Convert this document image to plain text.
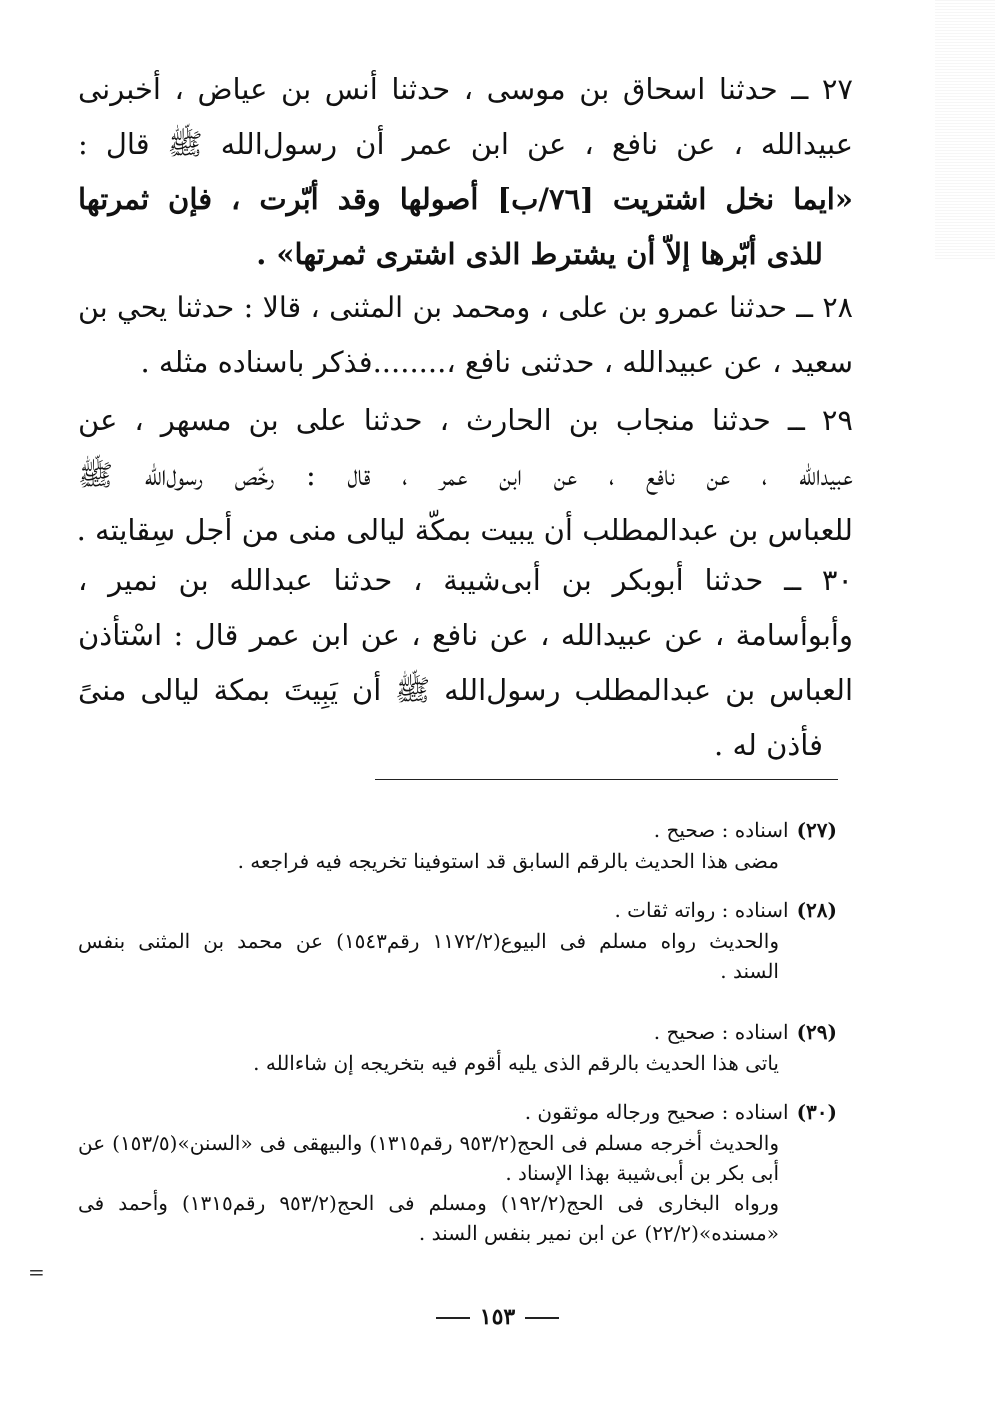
٢٧ ــ حدثنا اسحاق بن موسى ، حدثنا أنس بن عياض ، أخبرنى
عبيدالله ، عن نافع ، عن ابن عمر أن رسول‌الله ﷺ قال :
«ايما نخل اشتريت [٧٦/ب] أصولها وقد أبّرت ، فإن ثمرتها
للذى أبّرها إلاّ أن يشترط الذى اشترى ثمرتها» .
٢٨ ــ حدثنا عمرو بن على ، ومحمد بن المثنى ، قالا : حدثنا يحي بن
سعيد ، عن عبيدالله ، حدثنى نافع ،........فذكر باسناده مثله .
٢٩ ــ حدثنا منجاب بن الحارث ، حدثنا على بن مسهر ، عن
عبيدالله ، عن نافع ، عن ابن عمر ، قال : رخّص رسول‌الله ﷺ
للعباس بن عبدالمطلب أن يبيت بمكّة ليالى منى من أجل سِقايته .
٣٠ ــ حدثنا أبوبكر بن أبى‌شيبة ، حدثنا عبدالله بن نمير ،
وأبوأسامة ، عن عبيدالله ، عن نافع ، عن ابن عمر قال : اسْتأذن
العباس بن عبدالمطلب رسول‌الله ﷺ أن يَبِيتَ بمكة ليالى منىً
فأذن له .
(٢٧)اسناده : صحيح .
مضى هذا الحديث بالرقم السابق قد استوفينا تخريجه فيه فراجعه .
(٢٨)اسناده : رواته ثقات .
والحديث رواه مسلم فى البيوع(١١٧٢/٢ رقم١٥٤٣) عن محمد بن المثنى بنفس
السند .
(٢٩)اسناده : صحيح .
ياتى هذا الحديث بالرقم الذى يليه أقوم فيه بتخريجه إن شاءالله .
(٣٠)اسناده : صحيح ورجاله موثقون .
والحديث أخرجه مسلم فى الحج(٩٥٣/٢ رقم١٣١٥) والبيهقى فى «السنن»(١٥٣/٥) عن
أبى بكر بن أبى‌شيبة بهذا الإسناد .
ورواه البخارى فى الحج(١٩٢/٢) ومسلم فى الحج(٩٥٣/٢ رقم١٣١٥) وأحمد فى
«مسنده»(٢٢/٢) عن ابن نمير بنفس السند .
=
١٥٣
